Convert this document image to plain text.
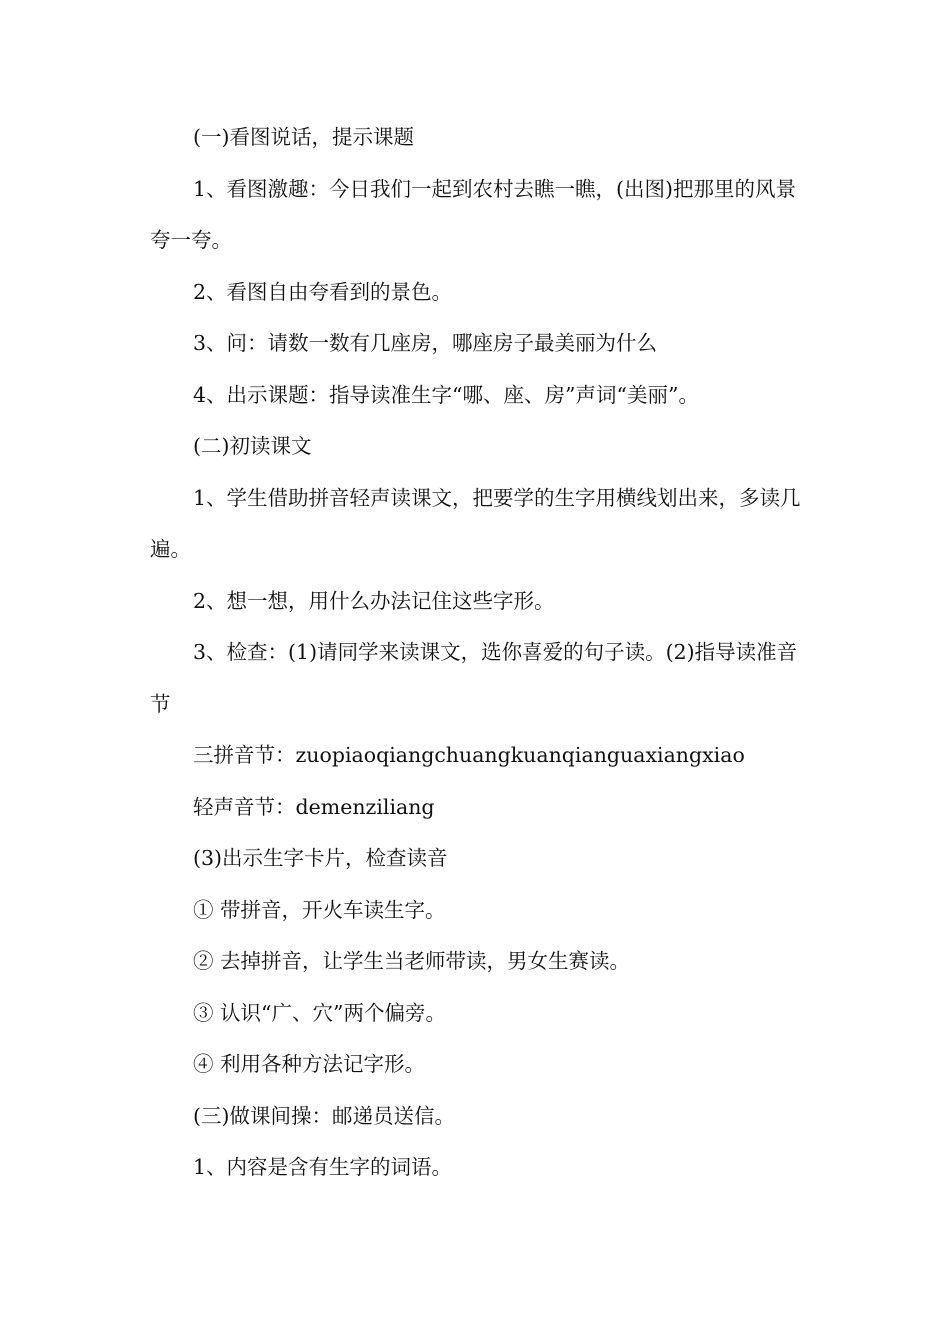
(一)看图说话，提示课题

1、看图激趣：今日我们一起到农村去瞧一瞧，(出图)把那里的风景夸一夸。

2、看图自由夸看到的景色。

3、问：请数一数有几座房，哪座房子最美丽为什么

4、出示课题：指导读准生字“哪、座、房”声词“美丽”。

(二)初读课文

1、学生借助拼音轻声读课文，把要学的生字用横线划出来，多读几遍。

2、想一想，用什么办法记住这些字形。

3、检查：(1)请同学来读课文，选你喜爱的句子读。(2)指导读准音节

三拼音节：zuopiaoqiangchuangkuanqianguaxiangxiao

轻声音节：demenziliang

(3)出示生字卡片，检查读音

① 带拼音，开火车读生字。

② 去掉拼音，让学生当老师带读，男女生赛读。

③ 认识“广、穴”两个偏旁。

④ 利用各种方法记字形。

(三)做课间操：邮递员送信。

1、内容是含有生字的词语。
